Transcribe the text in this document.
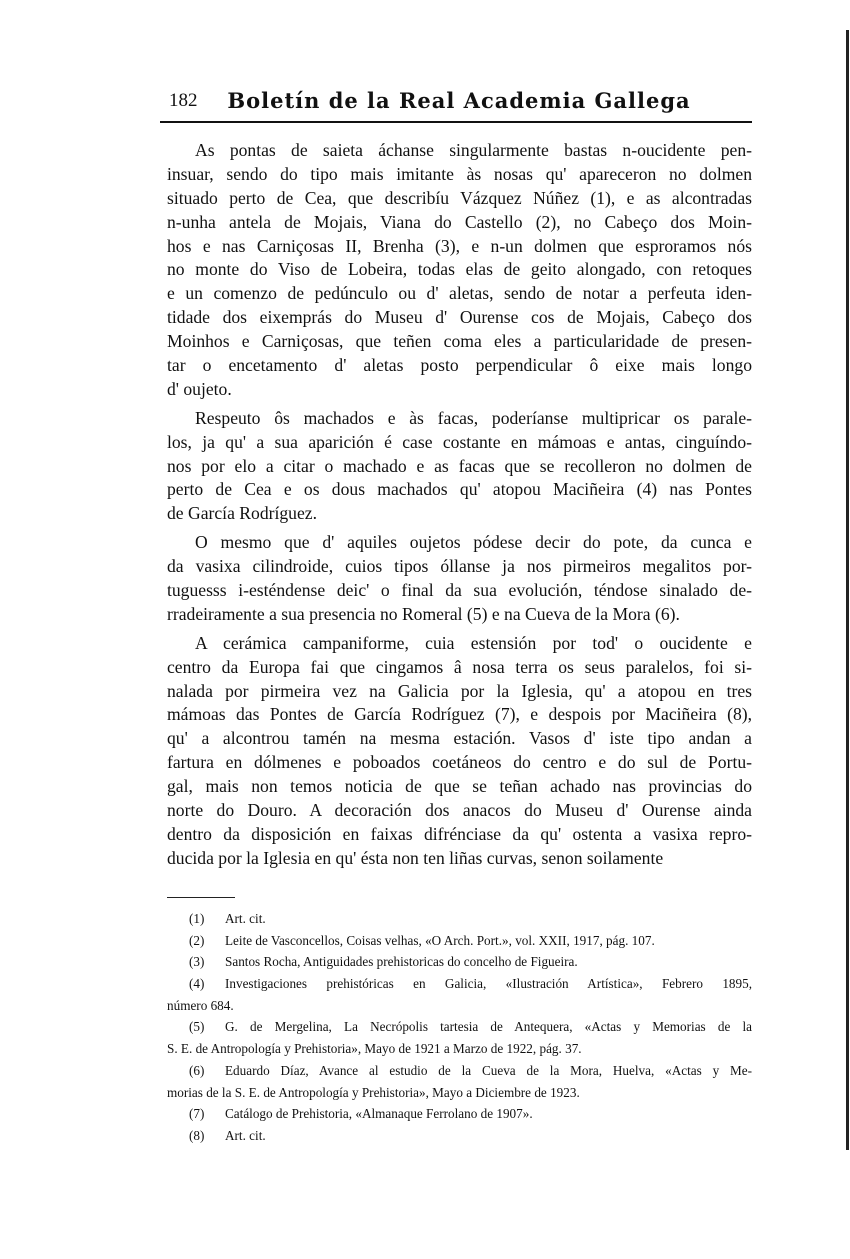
182	Boletín de la Real Academia Gallega
As pontas de saieta áchanse singularmente bastas n-oucidente pen-
insuar, sendo do tipo mais imitante às nosas qu' apareceron no dolmen
situado perto de Cea, que describíu Vázquez Núñez (1), e as alcontradas
n-unha antela de Mojais, Viana do Castello (2), no Cabeço dos Moin-
hos e nas Carniçosas II, Brenha (3), e n-un dolmen que esproramos nós
no monte do Viso de Lobeira, todas elas de geito alongado, con retoques
e un comenzo de pedúnculo ou d' aletas, sendo de notar a perfeuta iden-
tidade dos eixemprás do Museu d' Ourense cos de Mojais, Cabeço dos
Moinhos e Carniçosas, que teñen coma eles a particularidade de presen-
tar o encetamento d' aletas posto perpendicular ô eixe mais longo
d' oujeto.
Respeuto ôs machados e às facas, poderíanse multipricar os parale-
los, ja qu' a sua aparición é case costante en mámoas e antas, cinguíndo-
nos por elo a citar o machado e as facas que se recolleron no dolmen de
perto de Cea e os dous machados qu' atopou Maciñeira (4) nas Pontes
de García Rodríguez.
O mesmo que d' aquiles oujetos pódese decir do pote, da cunca e
da vasixa cilindroide, cuios tipos óllanse ja nos pirmeiros megalitos por-
tuguesss i-esténdense deic' o final da sua evolución, téndose sinalado de-
rradeiramente a sua presencia no Romeral (5) e na Cueva de la Mora (6).
A cerámica campaniforme, cuia estensión por tod' o oucidente e
centro da Europa fai que cingamos â nosa terra os seus paralelos, foi si-
nalada por pirmeira vez na Galicia por la Iglesia, qu' a atopou en tres
mámoas das Pontes de García Rodríguez (7), e despois por Maciñeira (8),
qu' a alcontrou tamén na mesma estación. Vasos d' iste tipo andan a
fartura en dólmenes e poboados coetáneos do centro e do sul de Portu-
gal, mais non temos noticia de que se teñan achado nas provincias do
norte do Douro. A decoración dos anacos do Museu d' Ourense ainda
dentro da disposición en faixas difrénciase da qu' ostenta a vasixa repro-
ducida por la Iglesia en qu' ésta non ten liñas curvas, senon soilamente
(1) Art. cit.
(2) Leite de Vasconcellos, Coisas velhas, «O Arch. Port.», vol. XXII, 1917, pág. 107.
(3) Santos Rocha, Antiguidades prehistoricas do concelho de Figueira.
(4) Investigaciones prehistóricas en Galicia, «Ilustración Artística», Febrero 1895,
número 684.
(5) G. de Mergelina, La Necrópolis tartesia de Antequera, «Actas y Memorias de la
S. E. de Antropología y Prehistoria», Mayo de 1921 a Marzo de 1922, pág. 37.
(6) Eduardo Díaz, Avance al estudio de la Cueva de la Mora, Huelva, «Actas y Me-
morias de la S. E. de Antropología y Prehistoria», Mayo a Diciembre de 1923.
(7) Catálogo de Prehistoria, «Almanaque Ferrolano de 1907».
(8) Art. cit.
